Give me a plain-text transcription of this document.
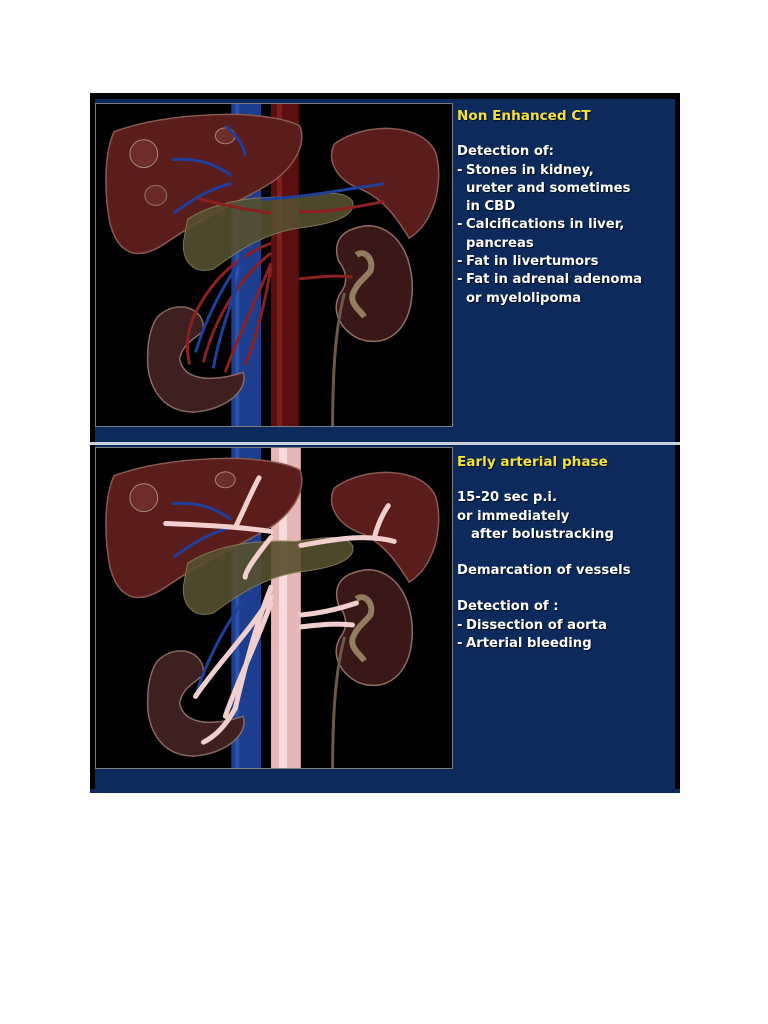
Non Enhanced CT
Detection of:
- Stones in kidney,
ureter and sometimes
in CBD
- Calcifications in liver,
pancreas
- Fat in livertumors
- Fat in adrenal adenoma
or myelolipoma
Early arterial phase
15-20 sec p.i.
or immediately
after bolustracking
Demarcation of vessels
Detection of :
- Dissection of aorta
- Arterial bleeding
